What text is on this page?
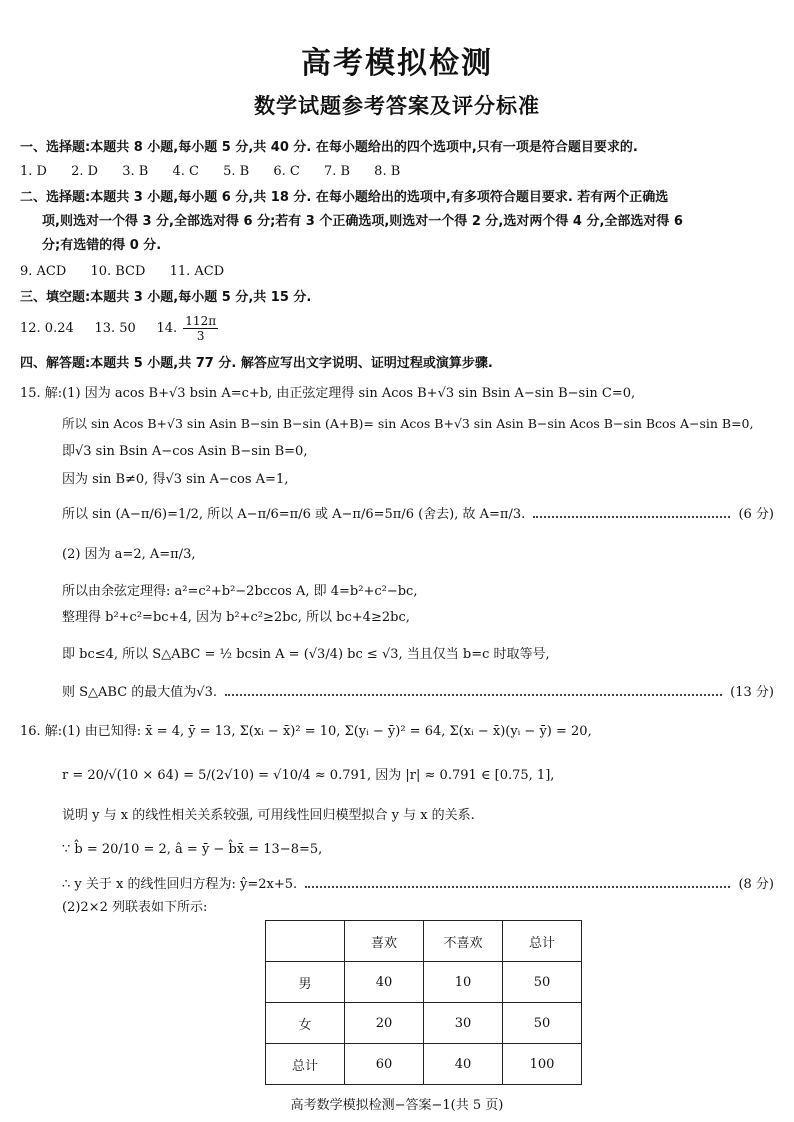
高考模拟检测
数学试题参考答案及评分标准
一、选择题:本题共 8 小题,每小题 5 分,共 40 分. 在每小题给出的四个选项中,只有一项是符合题目要求的.
1. D 2. D 3. B 4. C 5. B 6. C 7. B 8. B
二、选择题:本题共 3 小题,每小题 6 分,共 18 分. 在每小题给出的选项中,有多项符合题目要求. 若有两个正确选
项,则选对一个得 3 分,全部选对得 6 分;若有 3 个正确选项,则选对一个得 2 分,选对两个得 4 分,全部选对得 6
分;有选错的得 0 分.
9. ACD 10. BCD 11. ACD
三、填空题:本题共 3 小题,每小题 5 分,共 15 分.
12. 0.24 13. 50 14. $\frac{112\pi}{3}$
四、解答题:本题共 5 小题,共 77 分. 解答应写出文字说明、证明过程或演算步骤.
15. 解:(1) 因为 acos B+√3 bsin A=c+b, 由正弦定理得 sin Acos B+√3 sin Bsin A−sin B−sin C=0,
所以 sin Acos B+√3 sin Asin B−sin B−sin (A+B)= sin Acos B+√3 sin Asin B−sin Acos B−sin Bcos A−sin B=0,
即√3 sin Bsin A−cos Asin B−sin B=0,
因为 sin B≠0, 得√3 sin A−cos A=1,
所以 sin (A−π/6)=1/2, 所以 A−π/6=π/6 或 A−π/6=5π/6 (舍去), 故 A=π/3.	(6 分)
(2) 因为 a=2, A=π/3,
所以由余弦定理得: a²=c²+b²−2bccos A, 即 4=b²+c²−bc,
整理得 b²+c²=bc+4, 因为 b²+c²≥2bc, 所以 bc+4≥2bc,
即 bc≤4, 所以 S△ABC = ½ bcsin A = (√3/4) bc ≤ √3, 当且仅当 b=c 时取等号,
则 S△ABC 的最大值为√3.	(13 分)
16. 解:(1) 由已知得: x̄ = 4, ȳ = 13, Σ(xᵢ − x̄)² = 10, Σ(yᵢ − ȳ)² = 64, Σ(xᵢ − x̄)(yᵢ − ȳ) = 20,
r = 20/√(10 × 64) = 5/(2√10) = √10/4 ≈ 0.791, 因为 |r| ≈ 0.791 ∈ [0.75, 1],
说明 y 与 x 的线性相关关系较强, 可用线性回归模型拟合 y 与 x 的关系.
∵ b̂ = 20/10 = 2, â = ȳ − b̂x̄ = 13−8=5,
∴ y 关于 x 的线性回归方程为: ŷ=2x+5.	(8 分)
(2)2×2 列联表如下所示:
	喜欢	不喜欢	总计
男	40	10	50
女	20	30	50
总计	60	40	100
高考数学模拟检测−答案−1(共 5 页)
